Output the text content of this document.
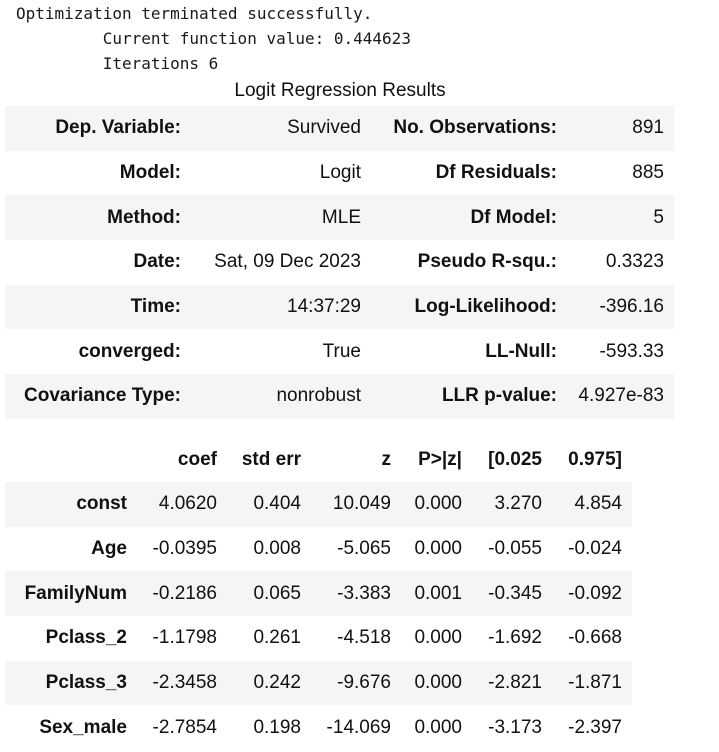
Optimization terminated successfully.
Current function value: 0.444623
Iterations 6
Logit Regression Results
Dep. Variable:	Survived	No. Observations:	891
Model:	Logit	Df Residuals:	885
Method:	MLE	Df Model:	5
Date:	Sat, 09 Dec 2023	Pseudo R-squ.:	0.3323
Time:	14:37:29	Log-Likelihood:	-396.16
converged:	True	LL-Null:	-593.33
Covariance Type:	nonrobust	LLR p-value:	4.927e-83
	coef	std err	z	P>|z|	[0.025	0.975]
const	4.0620	0.404	10.049	0.000	3.270	4.854
Age	-0.0395	0.008	-5.065	0.000	-0.055	-0.024
FamilyNum	-0.2186	0.065	-3.383	0.001	-0.345	-0.092
Pclass_2	-1.1798	0.261	-4.518	0.000	-1.692	-0.668
Pclass_3	-2.3458	0.242	-9.676	0.000	-2.821	-1.871
Sex_male	-2.7854	0.198	-14.069	0.000	-3.173	-2.397
